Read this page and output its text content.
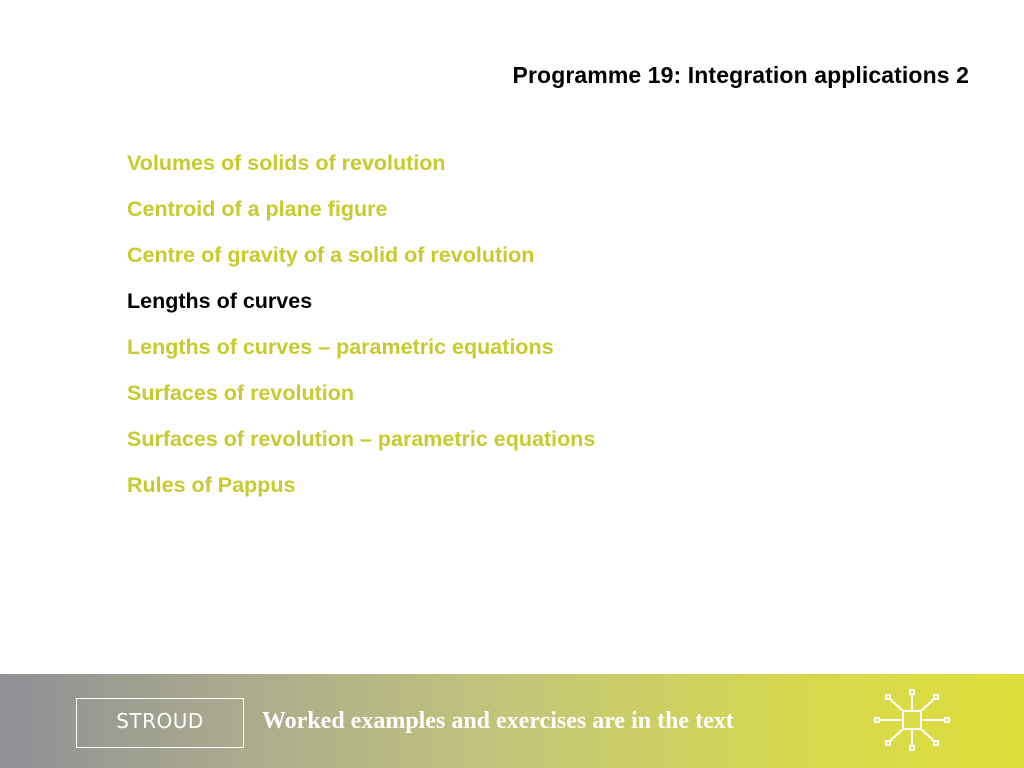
Programme 19: Integration applications 2
Volumes of solids of revolution
Centroid of a plane figure
Centre of gravity of a solid of revolution
Lengths of curves
Lengths of curves – parametric equations
Surfaces of revolution
Surfaces of revolution – parametric equations
Rules of Pappus
STROUD	Worked examples and exercises are in the text
